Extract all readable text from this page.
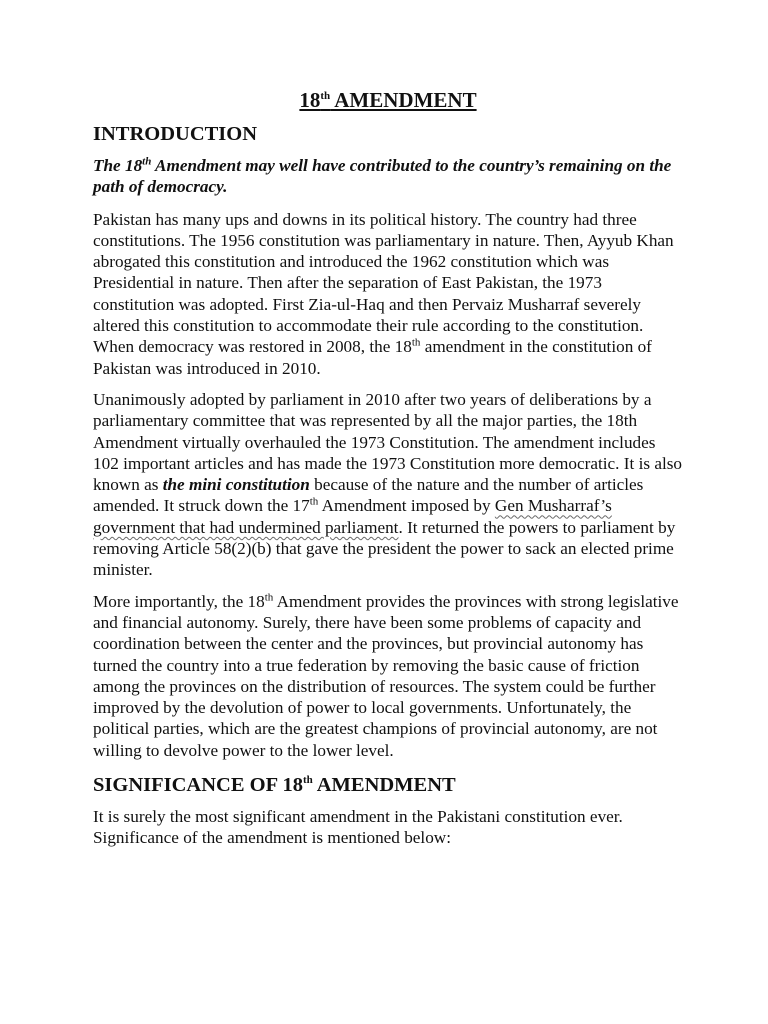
18th AMENDMENT
INTRODUCTION

The 18th Amendment may well have contributed to the country’s remaining on the path of democracy.

Pakistan has many ups and downs in its political history. The country had three constitutions. The 1956 constitution was parliamentary in nature. Then, Ayyub Khan abrogated this constitution and introduced the 1962 constitution which was Presidential in nature. Then after the separation of East Pakistan, the 1973 constitution was adopted. First Zia-ul-Haq and then Pervaiz Musharraf severely altered this constitution to accommodate their rule according to the constitution. When democracy was restored in 2008, the 18th amendment in the constitution of Pakistan was introduced in 2010.

Unanimously adopted by parliament in 2010 after two years of deliberations by a parliamentary committee that was represented by all the major parties, the 18th Amendment virtually overhauled the 1973 Constitution. The amendment includes 102 important articles and has made the 1973 Constitution more democratic. It is also known as the mini constitution because of the nature and the number of articles amended. It struck down the 17th Amendment imposed by Gen Musharraf’s government that had undermined parliament. It returned the powers to parliament by removing Article 58(2)(b) that gave the president the power to sack an elected prime minister.

More importantly, the 18th Amendment provides the provinces with strong legislative and financial autonomy. Surely, there have been some problems of capacity and coordination between the center and the provinces, but provincial autonomy has turned the country into a true federation by removing the basic cause of friction among the provinces on the distribution of resources. The system could be further improved by the devolution of power to local governments. Unfortunately, the political parties, which are the greatest champions of provincial autonomy, are not willing to devolve power to the lower level.

SIGNIFICANCE OF 18th AMENDMENT

It is surely the most significant amendment in the Pakistani constitution ever. Significance of the amendment is mentioned below:
